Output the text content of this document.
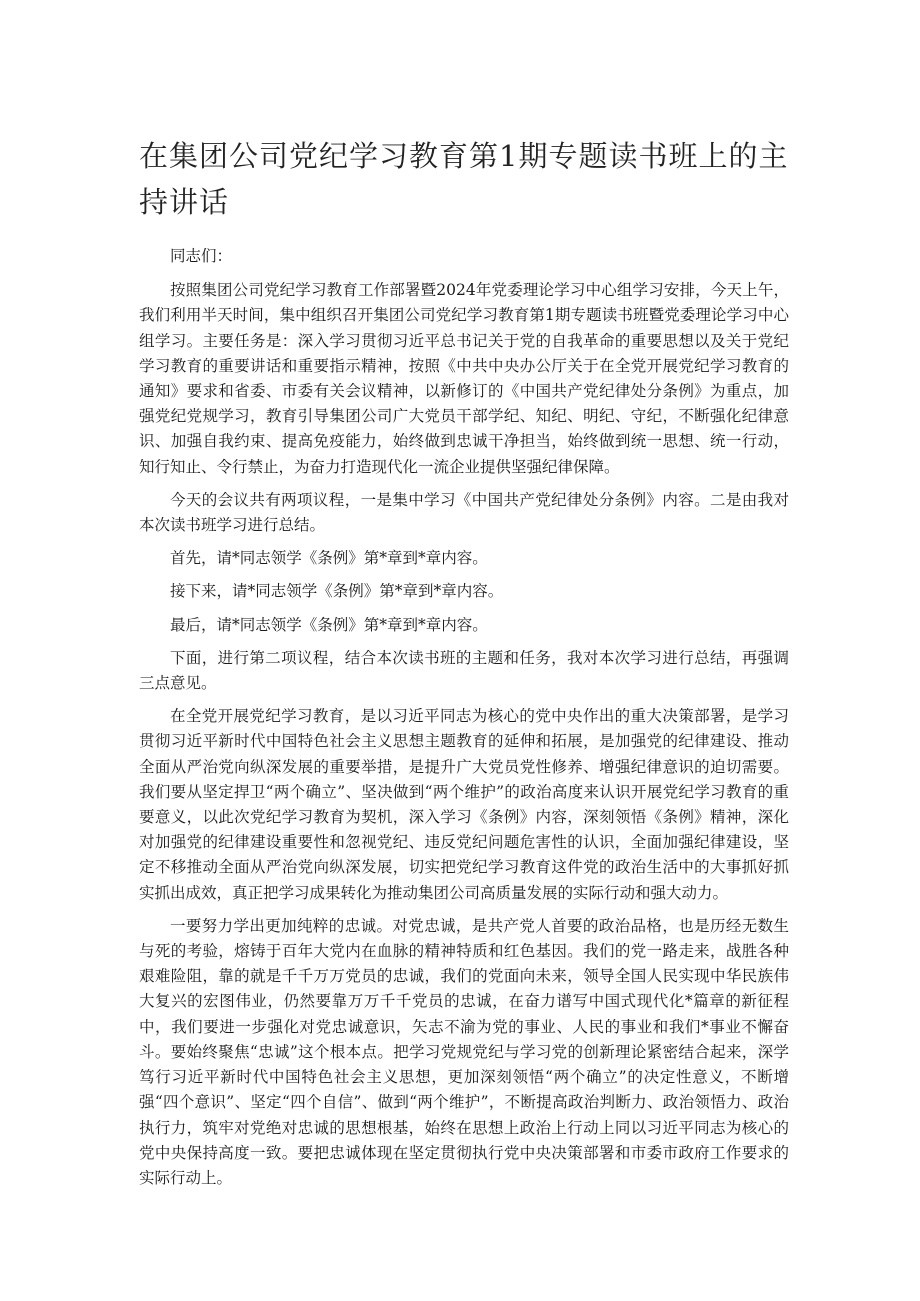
在集团公司党纪学习教育第1期专题读书班上的主持讲话

同志们：

按照集团公司党纪学习教育工作部署暨2024年党委理论学习中心组学习安排，今天上午，我们利用半天时间，集中组织召开集团公司党纪学习教育第1期专题读书班暨党委理论学习中心组学习。主要任务是：深入学习贯彻习近平总书记关于党的自我革命的重要思想以及关于党纪学习教育的重要讲话和重要指示精神，按照《中共中央办公厅关于在全党开展党纪学习教育的通知》要求和省委、市委有关会议精神，以新修订的《中国共产党纪律处分条例》为重点，加强党纪党规学习，教育引导集团公司广大党员干部学纪、知纪、明纪、守纪，不断强化纪律意识、加强自我约束、提高免疫能力，始终做到忠诚干净担当，始终做到统一思想、统一行动，知行知止、令行禁止，为奋力打造现代化一流企业提供坚强纪律保障。

今天的会议共有两项议程，一是集中学习《中国共产党纪律处分条例》内容。二是由我对本次读书班学习进行总结。

首先，请*同志领学《条例》第*章到*章内容。

接下来，请*同志领学《条例》第*章到*章内容。

最后，请*同志领学《条例》第*章到*章内容。

下面，进行第二项议程，结合本次读书班的主题和任务，我对本次学习进行总结，再强调三点意见。

在全党开展党纪学习教育，是以习近平同志为核心的党中央作出的重大决策部署，是学习贯彻习近平新时代中国特色社会主义思想主题教育的延伸和拓展，是加强党的纪律建设、推动全面从严治党向纵深发展的重要举措，是提升广大党员党性修养、增强纪律意识的迫切需要。我们要从坚定捍卫“两个确立”、坚决做到“两个维护”的政治高度来认识开展党纪学习教育的重要意义，以此次党纪学习教育为契机，深入学习《条例》内容，深刻领悟《条例》精神，深化对加强党的纪律建设重要性和忽视党纪、违反党纪问题危害性的认识，全面加强纪律建设，坚定不移推动全面从严治党向纵深发展，切实把党纪学习教育这件党的政治生活中的大事抓好抓实抓出成效，真正把学习成果转化为推动集团公司高质量发展的实际行动和强大动力。

一要努力学出更加纯粹的忠诚。对党忠诚，是共产党人首要的政治品格，也是历经无数生与死的考验，熔铸于百年大党内在血脉的精神特质和红色基因。我们的党一路走来，战胜各种艰难险阻，靠的就是千千万万党员的忠诚，我们的党面向未来，领导全国人民实现中华民族伟大复兴的宏图伟业，仍然要靠万万千千党员的忠诚，在奋力谱写中国式现代化*篇章的新征程中，我们要进一步强化对党忠诚意识，矢志不渝为党的事业、人民的事业和我们*事业不懈奋斗。要始终聚焦“忠诚”这个根本点。把学习党规党纪与学习党的创新理论紧密结合起来，深学笃行习近平新时代中国特色社会主义思想，更加深刻领悟“两个确立”的决定性意义，不断增强“四个意识”、坚定“四个自信”、做到“两个维护”，不断提高政治判断力、政治领悟力、政治执行力，筑牢对党绝对忠诚的思想根基，始终在思想上政治上行动上同以习近平同志为核心的党中央保持高度一致。要把忠诚体现在坚定贯彻执行党中央决策部署和市委市政府工作要求的实际行动上。
